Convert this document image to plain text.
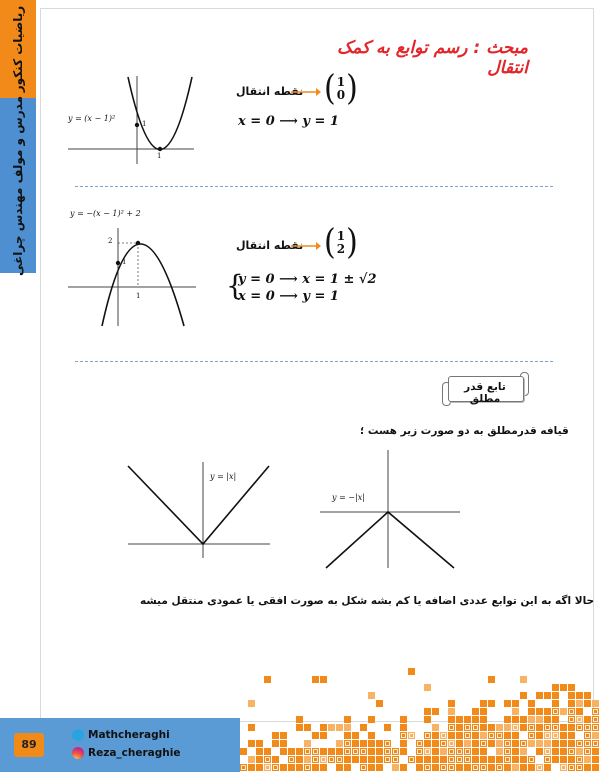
ریاضیات کنکور
مدرس و مولف مهندس چراغی
مبحث : رسم توابع به کمک انتقال
y = (x − 1)²
1
1
نقطه انتقال ( 1
0 )
x = 0 ⟶ y = 1
y = −(x − 1)² + 2
2
1
1
نقطه انتقال ( 1
2 )
{
y = 0 ⟶ x = 1 ± √2
x = 0 ⟶ y = 1
تابع قدر مطلق
قیافه قدرمطلق به دو صورت زیر هست ؛
y = |x|
y = −|x|
حالا اگه به این توابع عددی اضافه یا کم بشه شکل به صورت افقی یا عمودی منتقل میشه
89
Mathcheraghi
Reza_cheraghie
